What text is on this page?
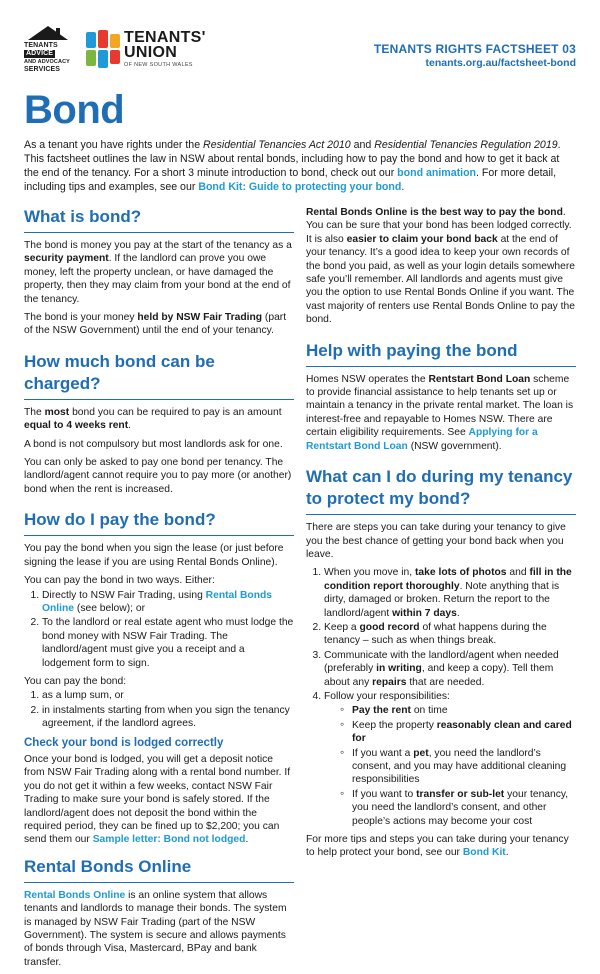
TENANTS
ADVICE
AND ADVOCACY
SERVICES
TENANTS'
UNION
OF NEW SOUTH WALES
TENANTS RIGHTS FACTSHEET 03
tenants.org.au/factsheet-bond
Bond
As a tenant you have rights under the Residential Tenancies Act 2010 and Residential Tenancies Regulation 2019. This factsheet outlines the law in NSW about rental bonds, including how to pay the bond and how to get it back at the end of the tenancy. For a short 3 minute introduction to bond, check out our bond animation. For more detail, including tips and examples, see our Bond Kit: Guide to protecting your bond.
What is bond?

The bond is money you pay at the start of the tenancy as a security payment. If the landlord can prove you owe money, left the property unclean, or have damaged the property, then they may claim from your bond at the end of the tenancy.

The bond is your money held by NSW Fair Trading (part of the NSW Government) until the end of your tenancy.

How much bond can be charged?

The most bond you can be required to pay is an amount equal to 4 weeks rent.

A bond is not compulsory but most landlords ask for one.

You can only be asked to pay one bond per tenancy. The landlord/agent cannot require you to pay more (or another) bond when the rent is increased.

How do I pay the bond?

You pay the bond when you sign the lease (or just before signing the lease if you are using Rental Bonds Online).

You can pay the bond in two ways. Either:

1. Directly to NSW Fair Trading, using Rental Bonds Online (see below); or
2. To the landlord or real estate agent who must lodge the bond money with NSW Fair Trading. The landlord/agent must give you a receipt and a lodgement form to sign.

You can pay the bond:

1. as a lump sum, or
2. in instalments starting from when you sign the tenancy agreement, if the landlord agrees.
Check your bond is lodged correctly

Once your bond is lodged, you will get a deposit notice from NSW Fair Trading along with a rental bond number. If you do not get it within a few weeks, contact NSW Fair Trading to make sure your bond is safely stored. If the landlord/agent does not deposit the bond within the required period, they can be fined up to $2,200; you can send them our Sample letter: Bond not lodged.

Rental Bonds Online

Rental Bonds Online is an online system that allows tenants and landlords to manage their bonds. The system is managed by NSW Fair Trading (part of the NSW Government). The system is secure and allows payments of bonds through Visa, Mastercard, BPay and bank transfer.

Rental Bonds Online is the best way to pay the bond. You can be sure that your bond has been lodged correctly. It is also easier to claim your bond back at the end of your tenancy. It’s a good idea to keep your own records of the bond you paid, as well as your login details somewhere safe you’ll remember. All landlords and agents must give you the option to use Rental Bonds Online if you want. The vast majority of renters use Rental Bonds Online to pay the bond.

Help with paying the bond

Homes NSW operates the Rentstart Bond Loan scheme to provide financial assistance to help tenants set up or maintain a tenancy in the private rental market. The loan is interest-free and repayable to Homes NSW. There are certain eligibility requirements. See Applying for a Rentstart Bond Loan (NSW government).

What can I do during my tenancy to protect my bond?

There are steps you can take during your tenancy to give you the best chance of getting your bond back when you leave.

1. When you move in, take lots of photos and fill in the condition report thoroughly. Note anything that is dirty, damaged or broken. Return the report to the landlord/agent within 7 days.
2. Keep a good record of what happens during the tenancy – such as when things break.
3. Communicate with the landlord/agent when needed (preferably in writing, and keep a copy). Tell them about any repairs that are needed.
4. Follow your responsibilities:
◦ Pay the rent on time
◦ Keep the property reasonably clean and cared for
◦ If you want a pet, you need the landlord’s consent, and you may have additional cleaning responsibilities
◦ If you want to transfer or sub-let your tenancy, you need the landlord’s consent, and other people’s actions may become your cost

For more tips and steps you can take during your tenancy to help protect your bond, see our Bond Kit.
